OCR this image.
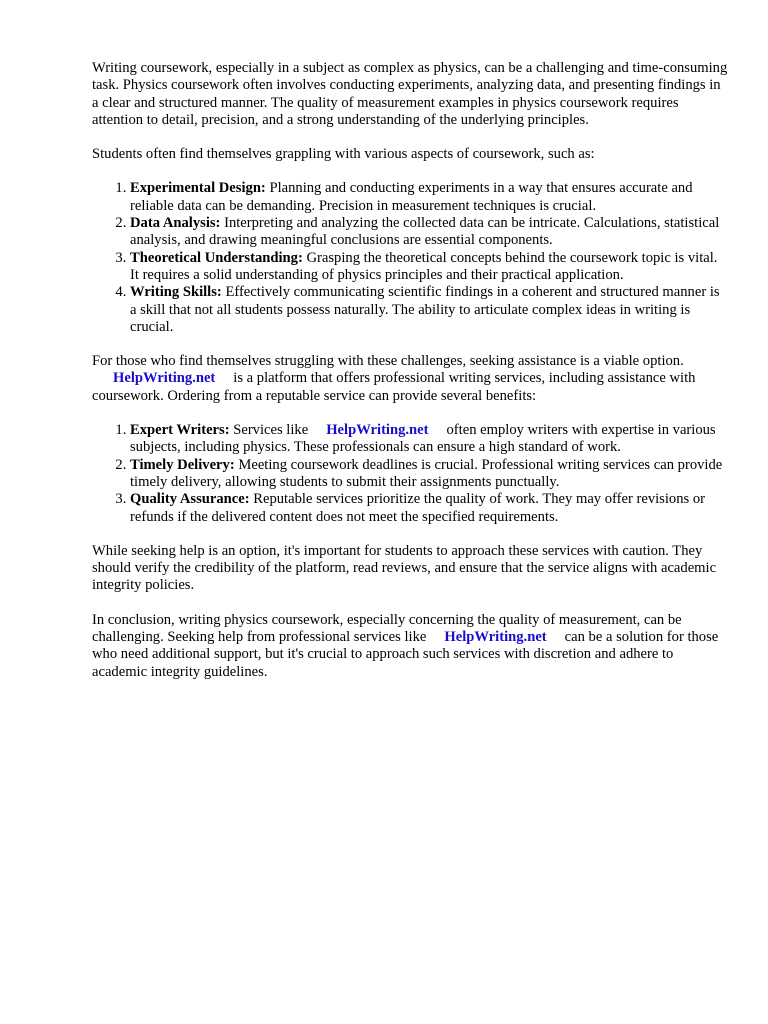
Writing coursework, especially in a subject as complex as physics, can be a challenging and time-consuming task. Physics coursework often involves conducting experiments, analyzing data, and presenting findings in a clear and structured manner. The quality of measurement examples in physics coursework requires attention to detail, precision, and a strong understanding of the underlying principles.

Students often find themselves grappling with various aspects of coursework, such as:

1. Experimental Design: Planning and conducting experiments in a way that ensures accurate and reliable data can be demanding. Precision in measurement techniques is crucial.
2. Data Analysis: Interpreting and analyzing the collected data can be intricate. Calculations, statistical analysis, and drawing meaningful conclusions are essential components.
3. Theoretical Understanding: Grasping the theoretical concepts behind the coursework topic is vital. It requires a solid understanding of physics principles and their practical application.
4. Writing Skills: Effectively communicating scientific findings in a coherent and structured manner is a skill that not all students possess naturally. The ability to articulate complex ideas in writing is crucial.

For those who find themselves struggling with these challenges, seeking assistance is a viable option.
HelpWriting.net is a platform that offers professional writing services, including assistance with coursework. Ordering from a reputable service can provide several benefits:

1. Expert Writers: Services like HelpWriting.net often employ writers with expertise in various subjects, including physics. These professionals can ensure a high standard of work.
2. Timely Delivery: Meeting coursework deadlines is crucial. Professional writing services can provide timely delivery, allowing students to submit their assignments punctually.
3. Quality Assurance: Reputable services prioritize the quality of work. They may offer revisions or refunds if the delivered content does not meet the specified requirements.

While seeking help is an option, it's important for students to approach these services with caution. They should verify the credibility of the platform, read reviews, and ensure that the service aligns with academic integrity policies.

In conclusion, writing physics coursework, especially concerning the quality of measurement, can be challenging. Seeking help from professional services like HelpWriting.net can be a solution for those who need additional support, but it's crucial to approach such services with discretion and adhere to academic integrity guidelines.
